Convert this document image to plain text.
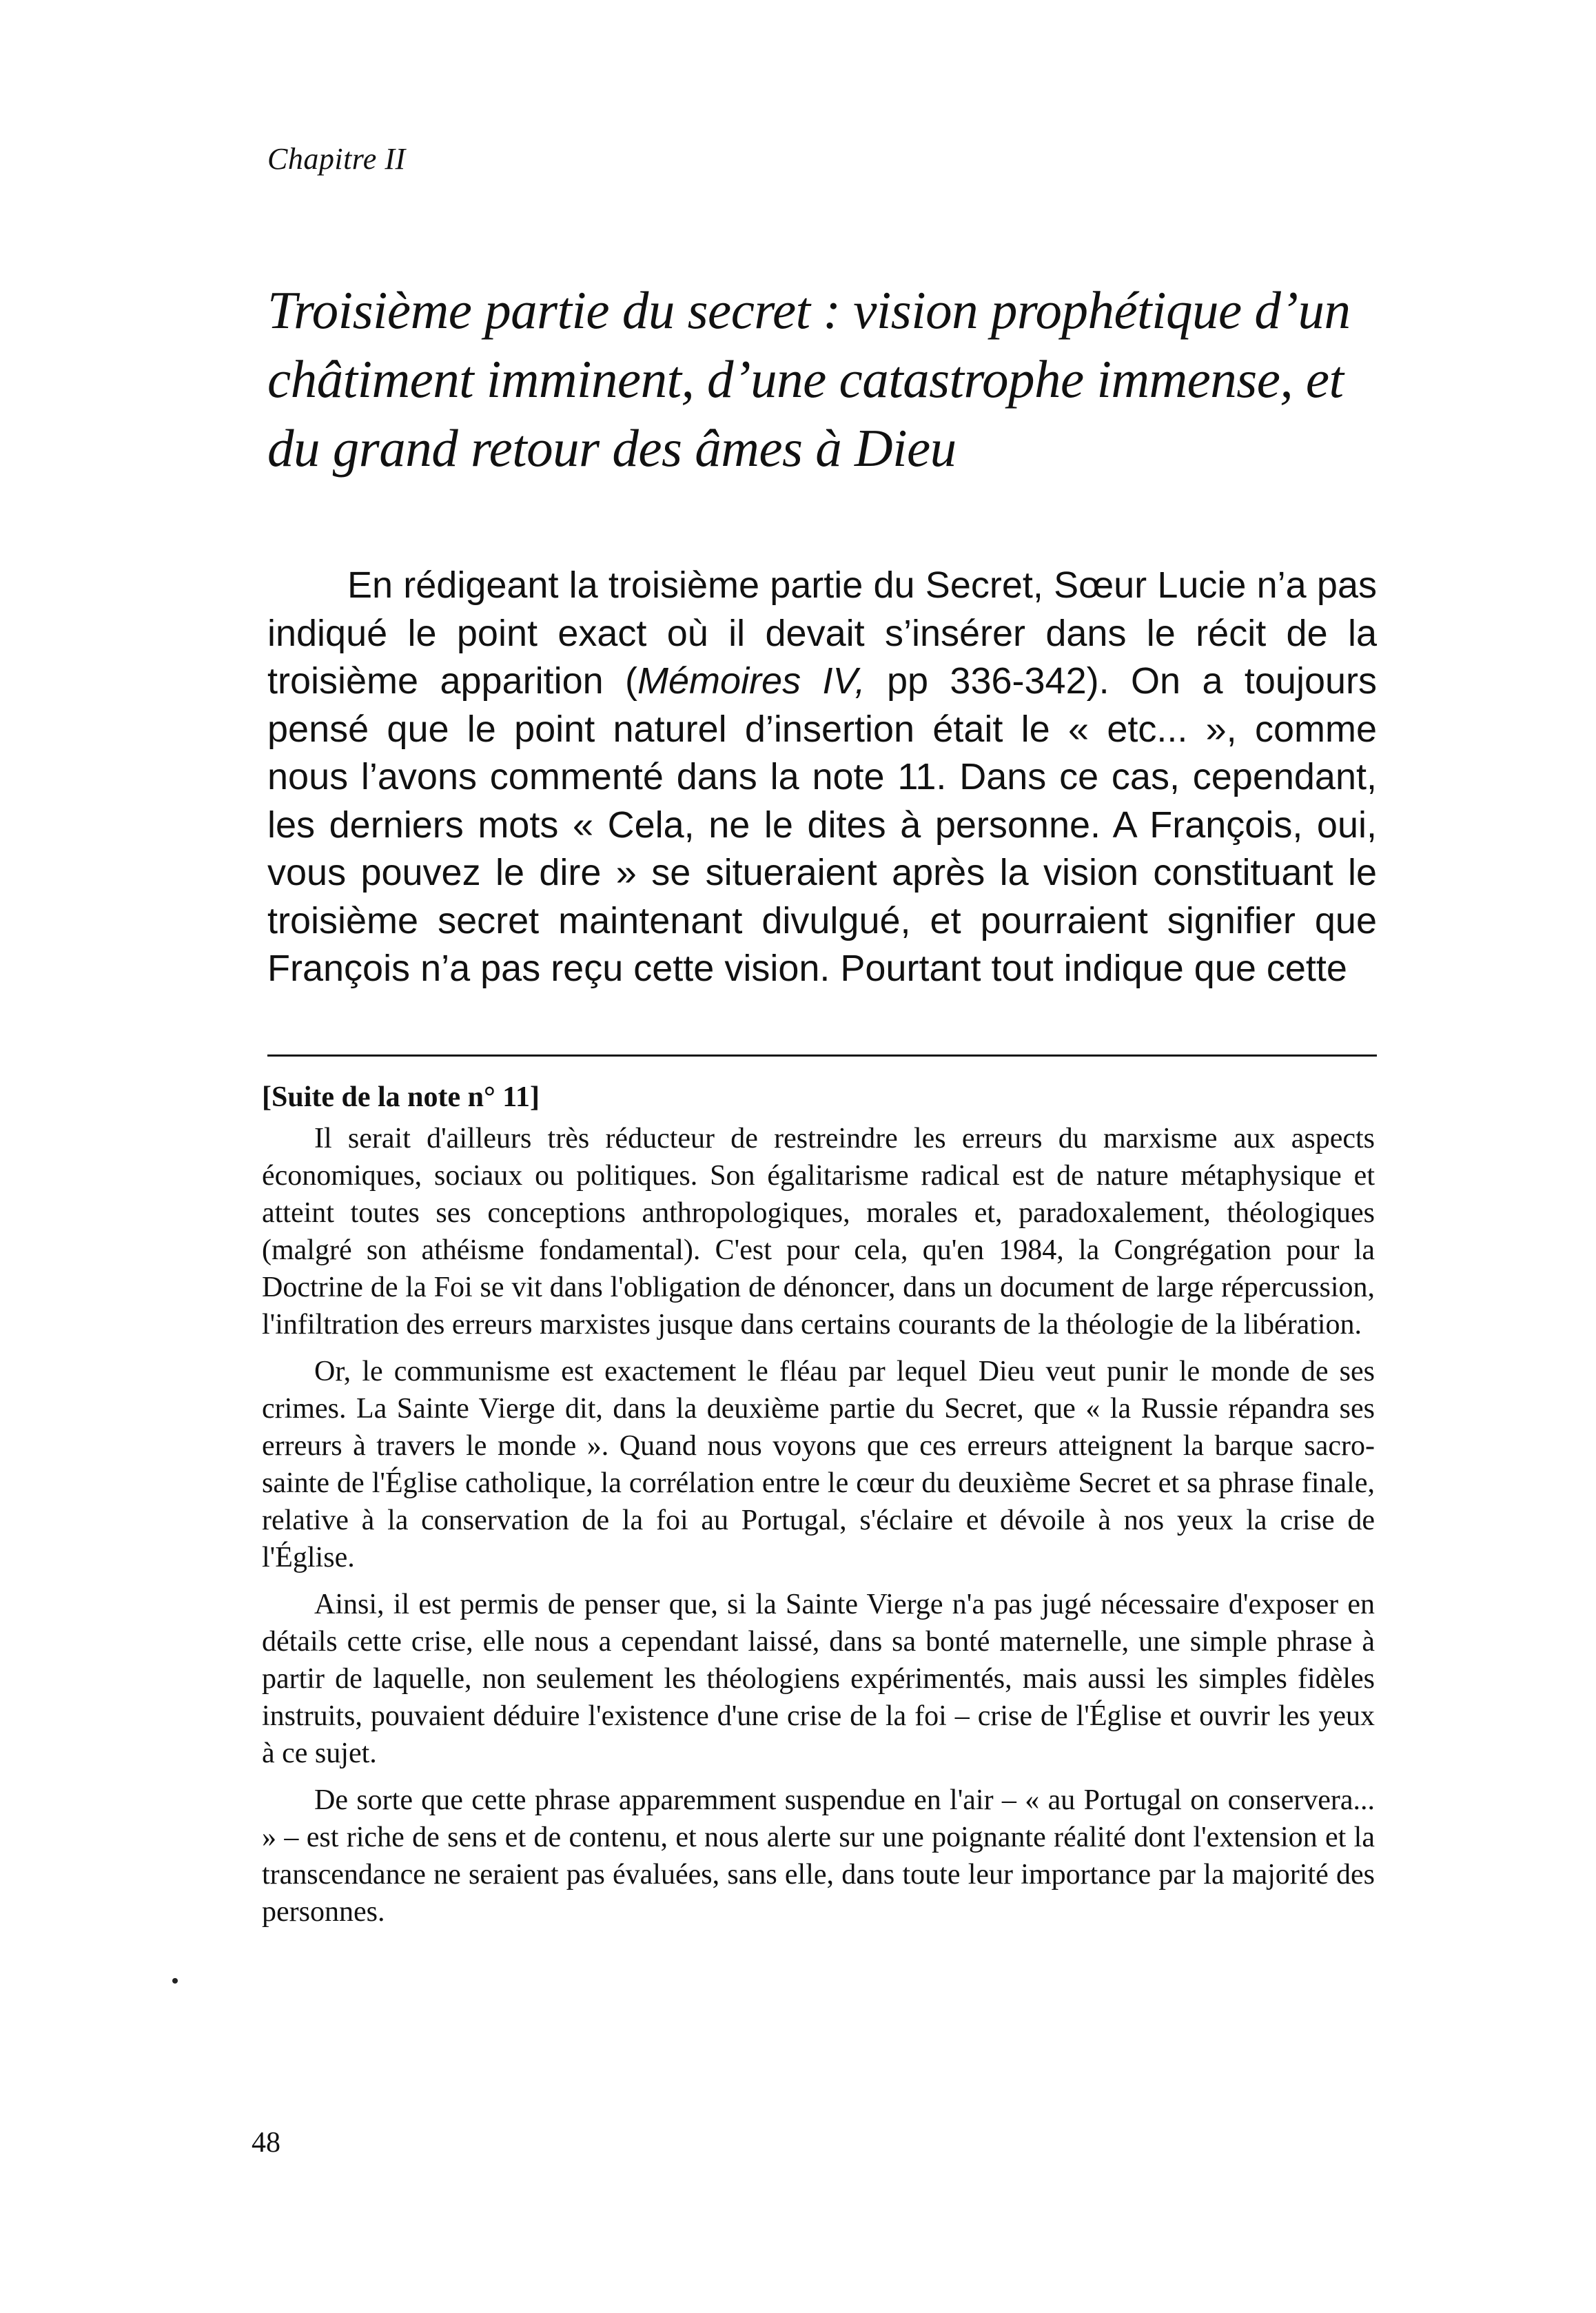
Chapitre II
Troisième partie du secret : vision prophétique d’un châtiment imminent, d’une catastrophe immense, et du grand retour des âmes à Dieu

En rédigeant la troisième partie du Secret, Sœur Lucie n’a pas indiqué le point exact où il devait s’insérer dans le récit de la troisième apparition (Mémoires IV, pp 336-342). On a toujours pensé que le point naturel d’insertion était le « etc... », comme nous l’avons commenté dans la note 11. Dans ce cas, cependant, les derniers mots « Cela, ne le dites à personne. A François, oui, vous pouvez le dire » se situeraient après la vision constituant le troisième secret maintenant divulgué, et pourraient signifier que François n’a pas reçu cette vision. Pourtant tout indique que cette

[Suite de la note n° 11]

Il serait d'ailleurs très réducteur de restreindre les erreurs du marxisme aux aspects économiques, sociaux ou politiques. Son égalitarisme radical est de nature métaphysique et atteint toutes ses conceptions anthropologiques, morales et, paradoxalement, théologiques (malgré son athéisme fondamental). C'est pour cela, qu'en 1984, la Congrégation pour la Doctrine de la Foi se vit dans l'obligation de dénoncer, dans un document de large répercussion, l'infiltration des erreurs marxistes jusque dans certains courants de la théologie de la libération.

Or, le communisme est exactement le fléau par lequel Dieu veut punir le monde de ses crimes. La Sainte Vierge dit, dans la deuxième partie du Secret, que « la Russie répandra ses erreurs à travers le monde ». Quand nous voyons que ces erreurs atteignent la barque sacro-sainte de l'Église catholique, la corrélation entre le cœur du deuxième Secret et sa phrase finale, relative à la conservation de la foi au Portugal, s'éclaire et dévoile à nos yeux la crise de l'Église.

Ainsi, il est permis de penser que, si la Sainte Vierge n'a pas jugé nécessaire d'exposer en détails cette crise, elle nous a cependant laissé, dans sa bonté maternelle, une simple phrase à partir de laquelle, non seulement les théologiens expérimentés, mais aussi les simples fidèles instruits, pouvaient déduire l'existence d'une crise de la foi – crise de l'Église et ouvrir les yeux à ce sujet.

De sorte que cette phrase apparemment suspendue en l'air – « au Portugal on conservera... » – est riche de sens et de contenu, et nous alerte sur une poignante réalité dont l'extension et la transcendance ne seraient pas évaluées, sans elle, dans toute leur importance par la majorité des personnes.

48
